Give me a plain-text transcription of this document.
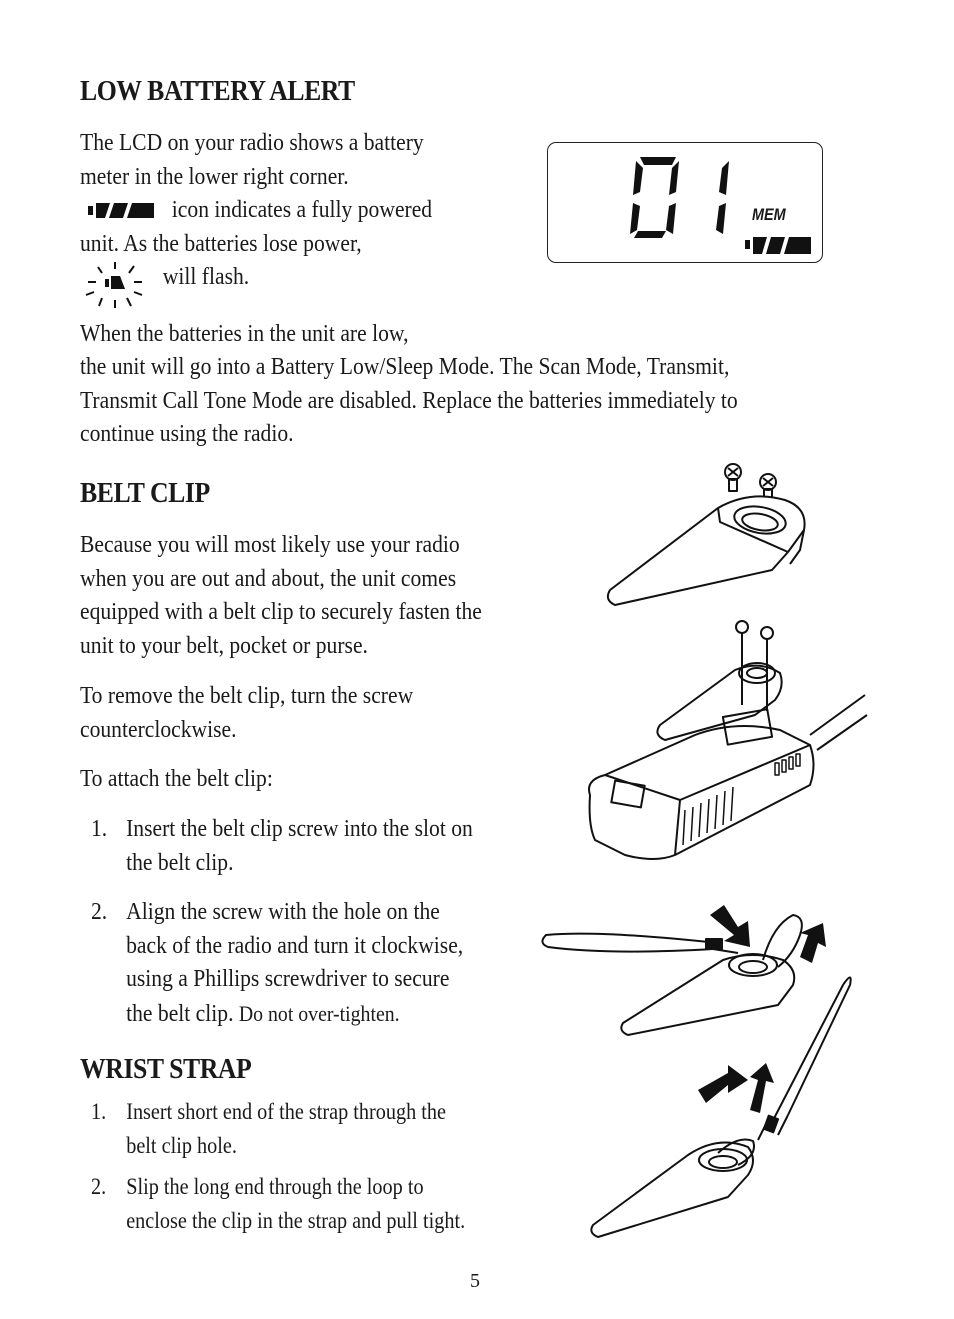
LOW BATTERY ALERT
The LCD on your radio shows a battery
meter in the lower right corner.
icon indicates a fully powered
unit. As the batteries lose power,
will flash.
When the batteries in the unit are low,
the unit will go into a Battery Low/Sleep Mode. The Scan Mode, Transmit,
Transmit Call Tone Mode are disabled. Replace the batteries immediately to
continue using the radio.
MEM
BELT CLIP
Because you will most likely use your radio
when you are out and about, the unit comes
equipped with a belt clip to securely fasten the
unit to your belt, pocket or purse.
To remove the belt clip, turn the screw
counterclockwise.
To attach the belt clip:
1. Insert the belt clip screw into the slot on
the belt clip.
2. Align the screw with the hole on the
back of the radio and turn it clockwise,
using a Phillips screwdriver to secure
the belt clip. Do not over-tighten.
WRIST STRAP
1. Insert short end of the strap through the
belt clip hole.
2. Slip the long end through the loop to
enclose the clip in the strap and pull tight.
5
